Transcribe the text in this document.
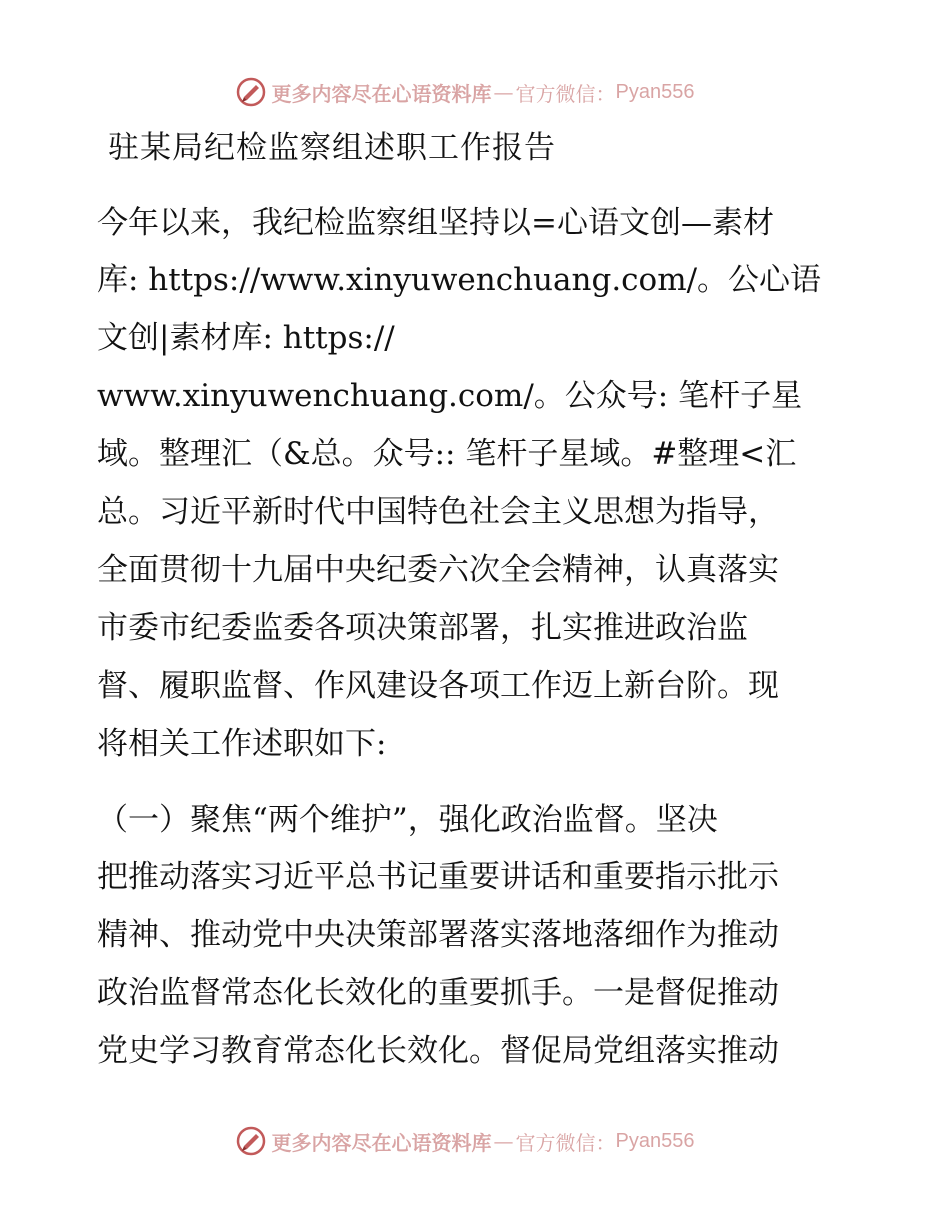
更多内容尽在心语资料库 — 官方微信： Pyan556
驻某局纪检监察组述职工作报告

今年以来，我纪检监察组坚持以=心语文创—素材

库: https://www.xinyuwenchuang.com/。公心语

文创|素材库: https://

www.xinyuwenchuang.com/。公众号: 笔杆子星

域。整理汇（&总。众号:: 笔杆子星域。#整理<汇

总。习近平新时代中国特色社会主义思想为指导，

全面贯彻十九届中央纪委六次全会精神，认真落实

市委市纪委监委各项决策部署，扎实推进政治监

督、履职监督、作风建设各项工作迈上新台阶。现

将相关工作述职如下:

（一）聚焦“两个维护”，强化政治监督。坚决

把推动落实习近平总书记重要讲话和重要指示批示

精神、推动党中央决策部署落实落地落细作为推动

政治监督常态化长效化的重要抓手。一是督促推动

党史学习教育常态化长效化。督促局党组落实推动

更多内容尽在心语资料库 — 官方微信： Pyan556
